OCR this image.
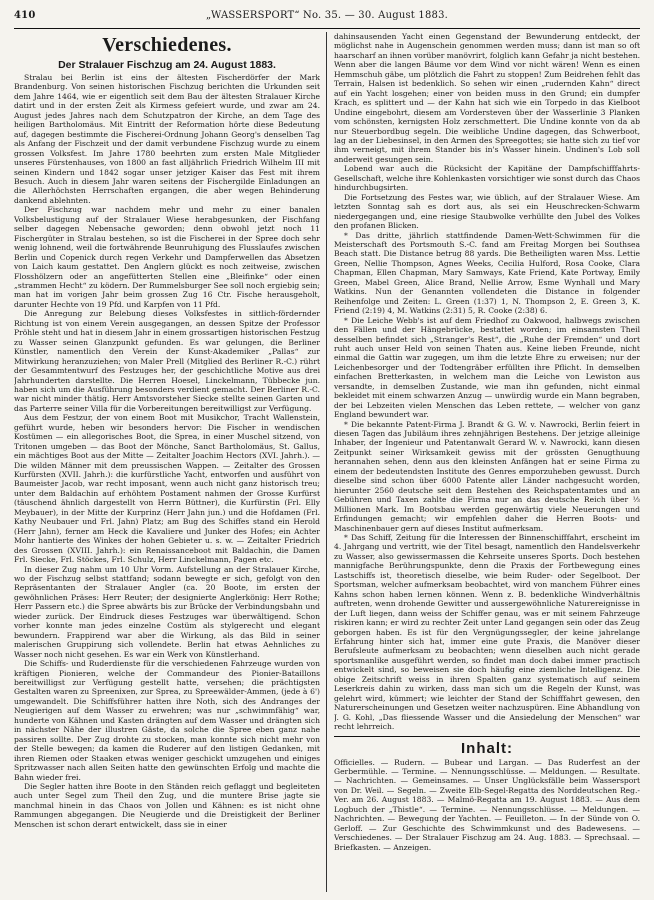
410	„WASSERSPORT“ No. 35. — 30. August 1883.
Verschiedenes.
Der Stralauer Fischzug am 24. August 1883.

Stralau bei Berlin ist eins der ältesten Fischerdörfer der Mark Brandenburg. Von seinen historischen Fischzug berichten die Urkunden seit dem Jahre 1464, wie er eigentlich seit dem Bau der ältesten Stralauer Kirche datirt und in der ersten Zeit als Kirmess gefeiert wurde, und zwar am 24. August jedes Jahres nach dem Schutzpatron der Kirche, an dem Tage des heiligen Bartholomäus. Mit Eintritt der Reformation hörte diese Bedeutung auf, dagegen bestimmte die Fischerei-Ordnung Johann Georg's denselben Tag als Anfang der Fischzeit und der damit verbundene Fischzug wurde zu einem grossen Volksfest. Im Jahre 1780 beehrten zum ersten Male Mitglieder unseres Fürstenhauses, von 1800 an fast alljährlich Friedrich Wilhelm III mit seinen Kindern und 1842 sogar unser jetziger Kaiser das Fest mit ihrem Besuch. Auch in diesem Jahr waren seitens der Fischergilde Einladungen an die Allerhöchsten Herrschaften ergangen, die aber wegen Behinderung dankend ablehnten.

Der Fischzug war nachdem mehr und mehr zu einer banalen Volksbelustigung auf der Stralauer Wiese herabgesunken, der Fischfang selber dagegen Nebensache geworden; denn obwohl jetzt noch 11 Fischergüter in Stralau bestehen, so ist die Fischerei in der Spree doch sehr wenig lohnend, weil die fortwährende Beunruhigung des Flusslaufes zwischen Berlin und Copenick durch regen Verkehr und Dampferwellen das Absetzen von Laich kaum gestattet. Den Anglern glückt es noch zeitweise, zwischen Flosshölzern oder an angefütterten Stellen eine „Bleifinke“ oder einen „strammen Hecht“ zu ködern. Der Rummelsburger See soll noch ergiebig sein; man hat im vorigen Jahr beim grossen Zug 16 Ctr. Fische herausgeholt, darunter Hechte von 19 Pfd. und Karpfen von 11 Pfd.

Die Anregung zur Belebung dieses Volksfestes in sittlich-fördernder Richtung ist von einem Verein ausgegangen, an dessen Spitze der Professor Pröhle steht und hat in diesem Jahr in einem grossartigen historischen Festzug zu Wasser seinen Glanzpunkt gefunden. Es war gelungen, die Berliner Künstler, namentlich den Verein der Kunst-Akademiker „Pallas“ zur Mitwirkung heranzuziehen; von Maler Prell (Mitglied des Berliner R.-C.) rührt der Gesammtentwurf des Festzuges her, der geschichtliche Motive aus drei Jahrhunderten darstellte. Die Herren Hoesel, Linckelmann, Tübbecke jun. haben sich um die Ausführung besonders verdient gemacht. Der Berliner R.-C. war nicht minder thätig. Herr Amtsvorsteher Siecke stellte seinen Garten und das Parterre seiner Villa für die Vorbereitungen bereitwilligst zur Verfügung.

Aus dem Festzur, der von einem Boot mit Musikchor, Tracht Wallenstein, geführt wurde, heben wir besonders hervor: Die Fischer in wendischen Kostümen — ein allegorisches Boot, die Sprea, in einer Muschel sitzend, von Tritonen umgeben — das Boot der Mönche, Sanct Bartholomäus, St. Gallus, ein mächtiges Boot aus der Mitte — Zeitalter Joachim Hectors (XVI. Jahrh.). — Die wilden Männer mit dem preussischen Wappen. — Zeitalter des Grossen Kurfürsten (XVII. Jahrh.): die kurfürstliche Yacht, entworfen und ausführt von Baumeister Jacob, war recht imposant, wenn auch nicht ganz historisch treu; unter dem Baldachin auf erhöhtem Postament nahmen der Grosse Kurfürst (täuschend ähnlich dargestellt von Herrn Büttner), die Kurfürstin (Frl. Elly Meybauer), in der Mitte der Kurprinz (Herr Jahn jun.) und die Hofdamen (Frl. Kathy Neubauer und Frl. Jahn) Platz; am Bug des Schiffes stand ein Herold (Herr Jahn), ferner am Heck die Kavaliere und Junker des Hofes; ein Achter Mohr hantierte des Winkes der hohen Gebieter u. s. w. — Zeitalter Friedrich des Grossen (XVIII. Jahrh.): ein Renaissanceboot mit Baldachin, die Damen Frl. Siecke, Frl. Stöckes, Frl. Schulz, Herr Linckelmann, Pagen etc.

In dieser Zug nahm um 10 Uhr Vorm. Aufstellung an der Stralauer Kirche, wo der Fischzug selbst stattfand; sodann bewegte er sich, gefolgt von den Repräsentanten der Stralauer Angler (ca. 20 Boote, im ersten der gewöhnlichen Präses: Herr Reuter; der designierte Anglerkönig: Herr Rothe; Herr Passern etc.) die Spree abwärts bis zur Brücke der Verbindungsbahn und wieder zurück. Der Eindruck dieses Festzuges war überwältigend. Schon vorher konnte man jedes einzelne Costüm als stylgerecht und elegant bewundern. Frappirend war aber die Wirkung, als das Bild in seiner malerischen Gruppirung sich vollendete. Berlin hat etwas Aehnliches zu Wasser noch nicht gesehen. Es war ein Werk von Künstlerhand.

Die Schiffs- und Ruderdienste für die verschiedenen Fahrzeuge wurden von kräftigen Pionieren, welche der Commandeur des Pionier-Bataillons bereitwilligst zur Verfügung gestellt hatte, versehen; die prächtigsten Gestalten waren zu Spreenixen, zur Sprea, zu Spreewälder-Ammen, (jede à 6') umgewandelt. Die Schiffsführer hatten ihre Noth, sich des Andranges der Neugierigen auf dem Wasser zu erwehren; was nur „schwimmfähig“ war, hunderte von Kähnen und Kasten drängten auf dem Wasser und drängten sich in nächster Nähe der illustren Gäste, da solche die Spree eben ganz nahe passiren sollte. Der Zug drohte zu stocken, man konnte sich nicht mehr von der Stelle bewegen; da kamen die Ruderer auf den listigen Gedanken, mit ihren Riemen oder Staaken etwas weniger geschickt umzugehen und einiges Spritzwasser nach allen Seiten hatte den gewünschten Erfolg und machte die Bahn wieder frei.

Die Segler hatten ihre Boote in den Ständen reich geflaggt und begleiteten auch unter Segel zum Theil den Zug, und die muntere Brise jagte sie manchmal hinein in das Chaos von Jollen und Kähnen: es ist nicht ohne Rammungen abgegangen. Die Neugierde und die Dreistigkeit der Berliner Menschen ist schon derart entwickelt, dass sie in einer

dahinsausenden Yacht einen Gegenstand der Bewunderung entdeckt, der möglichst nahe in Augenschein genommen werden muss; dann ist man so oft haarscharf an ihnen vorüber manövrirt, folglich kann Gefahr ja nicht bestehen. Wenn aber die langen Bäume vor dem Wind vor nicht wären! Wenn es einen Hemmschuh gäbe, um plötzlich die Fahrt zu stoppen! Zum Beidrehen fehlt das Terrain, Halsen ist bedenklich. So sehen wir einen „rudernden Kahn“ direct auf ein Yacht losgehen; einer von beiden muss in den Grund; ein dumpfer Krach, es splittert und — der Kahn hat sich wie ein Torpedo in das Kielboot Undine eingebohrt, diesem am Vordersteven über der Wasserlinie 3 Planken vom schönsten, kernigsten Holz zerschmettert. Die Undine konnte von da ab nur Steuerbordbug segeln. Die weibliche Undine dagegen, das Schwerboot, lag an der Liebesinsel, in den Armen des Spreegottes; sie hatte sich zu tief vor ihm verneigt, mit ihrem Stander bis in's Wasser hinein. Undinen's Lob soll anderweit gesungen sein.

Lobend war auch die Rücksicht der Kapitäne der Dampfschifffahrts-Gesellschaft, welche ihre Kohlenkasten vorsichtiger wie sonst durch das Chaos hindurchbugsirten.

Die Fortsetzung des Festes war, wie üblich, auf der Stralauer Wiese. Am letzten Sonntag sah es dort aus, als sei ein Heuschrecken-Schwarm niedergegangen und, eine riesige Staubwolke verhüllte den Jubel des Volkes den profanen Blicken.

* Das dritte, jährlich stattfindende Damen-Wett-Schwimmen für die Meisterschaft des Portsmouth S.-C. fand am Freitag Morgen bei Southsea Beach statt. Die Distance betrug 88 yards. Die Betheiligten waren Mss. Lettie Green, Nellie Thompson, Agnes Weeks, Cecilia Hulford, Rosa Cooke, Clara Chapman, Ellen Chapman, Mary Samways, Kate Friend, Kate Portway, Emily Green, Mabel Green, Alice Brand, Nellie Arrow, Esme Wynhall und Mary Watkins. Nun der Genannten vollendeten die Distance in folgender Reihenfolge und Zeiten: L. Green (1:37) 1, N. Thompson 2, E. Green 3, K. Friend (2:19) 4, M. Watkins (2:31) 5, R. Cooke (2:38) 6.

* Die Leiche Webb's ist auf dem Friedhof zu Oakwood, halbwegs zwischen den Fällen und der Hängebrücke, bestattet worden; im einsamsten Theil desselben befindet sich „Stranger's Rest“, die „Ruhe der Fremden“ und dort ruht auch unser Held von seinen Thaten aus. Keine lieben Freunde, nicht einmal die Gattin war zugegen, um ihm die letzte Ehre zu erweisen; nur der Leichenbesorger und der Todtengräber erfüllten ihre Pflicht. In demselben einfachen Bretterkasten, in welchem man die Leiche von Lewiston aus versandte, in demselben Zustande, wie man ihn gefunden, nicht einmal bekleidet mit einem schwarzen Anzug — unwürdig wurde ein Mann begraben, der bei Lebzeiten vielen Menschen das Leben rettete, — welcher von ganz England bewundert war.

* Die bekannte Patent-Firma J. Brandt & G. W. v. Nawrocki, Berlin feiert in diesen Tagen das Jubiläum ihres zehnjährigen Bestehens. Der jetzige alleinige Inhaber, der Ingenieur und Patentanwalt Gerard W. v. Nawrocki, kann diesen Zeitpunkt seiner Wirksamkeit gewiss mit der grössten Genugthuung herannahen sehen, denn aus den kleinsten Anfängen hat er seine Firma zu einem der bedeutendsten Institute des Genres emporzuheben gewusst. Durch dieselbe sind schon über 6000 Patente aller Länder nachgesucht worden, hierunter 2560 deutsche seit dem Bestehen des Reichspatentamtes und an Gebühren und Taxen zahlte die Firma nur an das deutsche Reich über ⅓ Millionen Mark. Im Bootsbau werden gegenwärtig viele Neuerungen und Erfindungen gemacht; wir empfehlen daher die Herren Boots- und Maschinenbauer gern auf dieses Institut aufmerksam.

* Das Schiff, Zeitung für die Interessen der Binnenschifffahrt, erscheint im 4. Jahrgang und vertritt, wie der Titel besagt, namentlich den Handelsverkehr zu Wasser, also gewissermassen die Kehrseite unseres Sports. Doch bestehen mannigfache Berührungspunkte, denn die Praxis der Fortbewegung eines Lastschiffs ist, theoretisch dieselbe, wie beim Ruder- oder Segelboot. Der Sportsman, welcher aufmerksam beobachtet, wird von manchem Führer eines Kahns schon haben lernen können. Wenn z. B. bedenkliche Windverhältnis auftreten, wenn drohende Gewitter und aussergewöhnliche Naturereignisse in der Luft liegen, dann weiss der Schiffer genau, was er mit seinem Fahrzeuge riskiren kann; er wird zu rechter Zeit unter Land gegangen sein oder das Zeug geborgen haben. Es ist für den Vergnügungssegler, der keine jahrelange Erfahrung hinter sich hat, immer eine gute Praxis, die Manöver dieser Berufsleute aufmerksam zu beobachten; wenn dieselben auch nicht gerade sportsmanlike ausgeführt werden, so findet man doch dabei immer practisch entwickelt sind, so beweisen sie doch häufig eine ziemliche Intelligenz. Die obige Zeitschrift weiss in ihren Spalten ganz systematisch auf seinem Leserkreis dahin zu wirken, dass man sich um die Regeln der Kunst, was gelehrt wird, kümmert; wie leichter der Stand der Schifffahrt gewesen, den Naturerscheinungen und Gesetzen weiter nachzuspüren. Eine Abhandlung von J. G. Kohl, „Das fliessende Wasser und die Ansiedelung der Menschen“ war recht lehrreich.

Inhalt:

Officielles. — Rudern. — Bubear und Largan. — Das Ruderfest an der Gerbermühle. — Termine. — Nennungsschlüsse. — Meldungen. — Resultate. — Nachrichten. — Gemeinsames. — Unser Unglücksfälle beim Wassersport von Dr. Weil. — Segeln. — Zweite Elb-Segel-Regatta des Norddeutschen Reg.-Ver. am 26. August 1883. — Malmö-Regatta am 19. August 1883. — Aus dem Logbuch der „Thistle“. — Termine. — Nennungsschlüsse. — Meldungen. — Nachrichten. — Bewegung der Yachten. — Feuilleton. — In der Sünde von O. Gerloff. — Zur Geschichte des Schwimmkunst und des Badewesens. — Verschiedenes. — Der Stralauer Fischzug am 24. Aug. 1883. — Sprechsaal. — Briefkasten. — Anzeigen.
